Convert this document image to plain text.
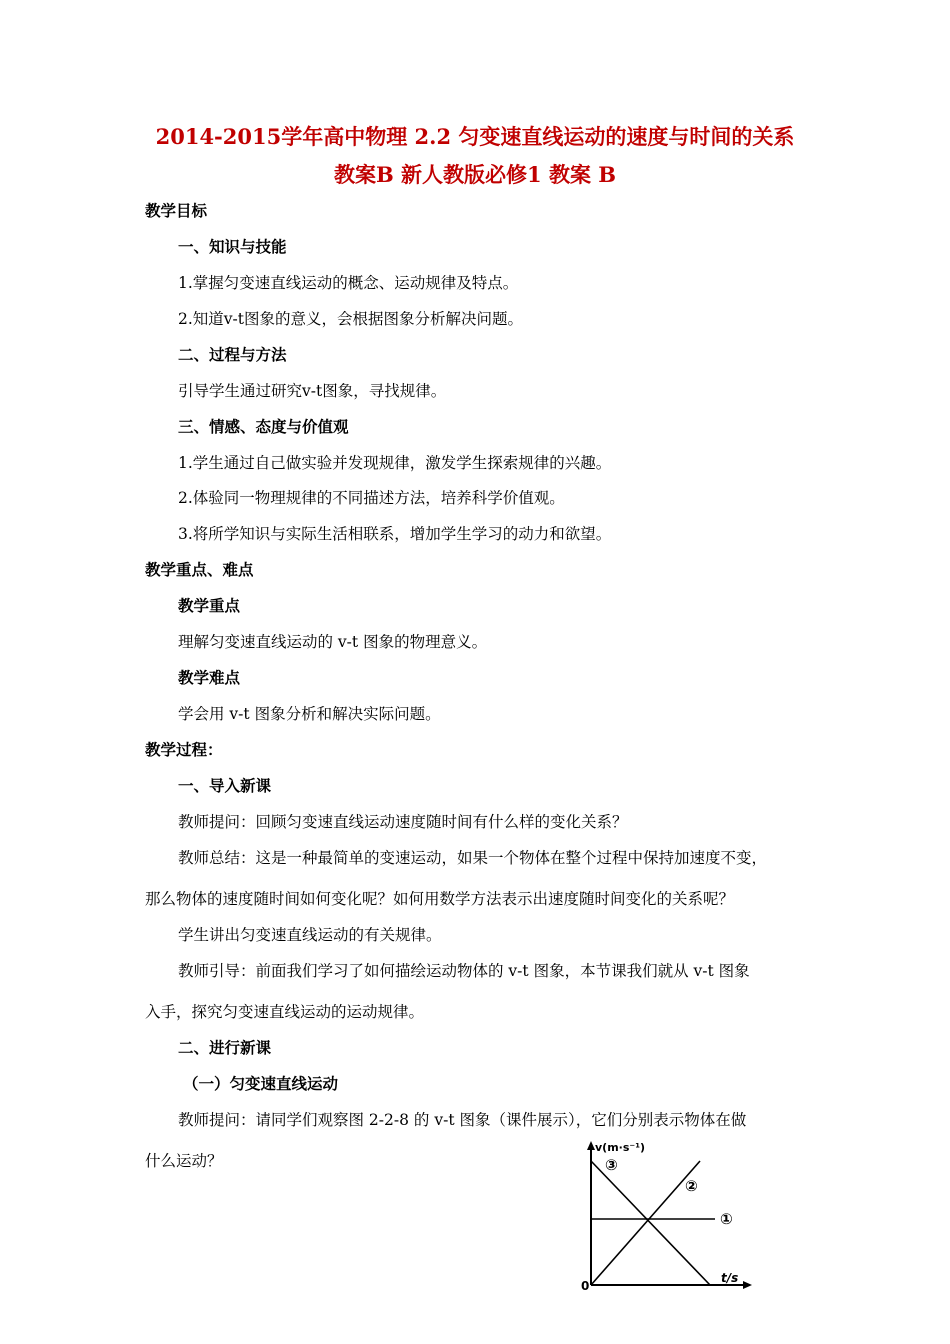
2014-2015学年高中物理 2.2 匀变速直线运动的速度与时间的关系
教案B 新人教版必修1 教案 B
教学目标
一、知识与技能
1.掌握匀变速直线运动的概念、运动规律及特点。
2.知道v-t图象的意义，会根据图象分析解决问题。
二、过程与方法
引导学生通过研究v-t图象，寻找规律。
三、情感、态度与价值观
1.学生通过自己做实验并发现规律，激发学生探索规律的兴趣。
2.体验同一物理规律的不同描述方法，培养科学价值观。
3.将所学知识与实际生活相联系，增加学生学习的动力和欲望。
教学重点、难点
教学重点
理解匀变速直线运动的 v-t 图象的物理意义。
教学难点
学会用 v-t 图象分析和解决实际问题。
教学过程：
一、导入新课
教师提问：回顾匀变速直线运动速度随时间有什么样的变化关系？
教师总结：这是一种最简单的变速运动，如果一个物体在整个过程中保持加速度不变，
那么物体的速度随时间如何变化呢？如何用数学方法表示出速度随时间变化的关系呢？
学生讲出匀变速直线运动的有关规律。
教师引导：前面我们学习了如何描绘运动物体的 v-t 图象，本节课我们就从 v-t 图象
入手，探究匀变速直线运动的运动规律。
二、进行新课
（一）匀变速直线运动
教师提问：请同学们观察图 2-2-8 的 v-t 图象（课件展示），它们分别表示物体在做
什么运动？
v(m·s⁻¹)
t/s
0
①
②
③
